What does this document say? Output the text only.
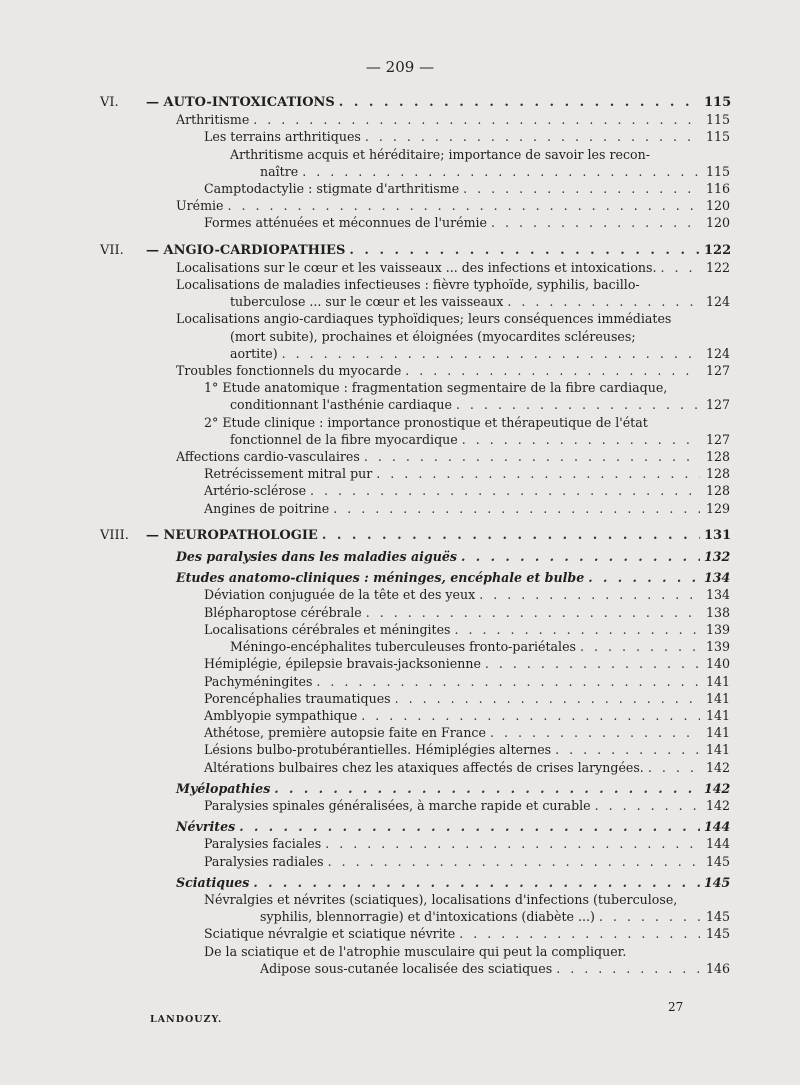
— 209 —
VI. — AUTO-INTOXICATIONS . . .	115
Arthritisme . . .	115
Les terrains arthritiques . . .	115
Arthritisme acquis et héréditaire; importance de savoir les recon-
naître . . .	115
Camptodactylie : stigmate d'arthritisme . . .	116
Urémie . . .	120
Formes atténuées et méconnues de l'urémie . . .	120
VII. — ANGIO-CARDIOPATHIES . . .	122
Localisations sur le cœur et les vaisseaux ... des infections et intoxications. . . .	122
Localisations de maladies infectieuses : fièvre typhoïde, syphilis, bacillo-
tuberculose ... sur le cœur et les vaisseaux . . .	124
Localisations angio-cardiaques typhoïdiques; leurs conséquences immédiates
(mort subite), prochaines et éloignées (myocardites scléreuses;
aortite) . . .	124
Troubles fonctionnels du myocarde . . .	127
1° Etude anatomique : fragmentation segmentaire de la fibre cardiaque,
conditionnant l'asthénie cardiaque . . .	127
2° Etude clinique : importance pronostique et thérapeutique de l'état
fonctionnel de la fibre myocardique . . .	127
Affections cardio-vasculaires . . .	128
Retrécissement mitral pur . . .	128
Artério-sclérose . . .	128
Angines de poitrine . . .	129
VIII. — NEUROPATHOLOGIE . . .	131
Des paralysies dans les maladies aiguës . . .	132
Etudes anatomo-cliniques : méninges, encéphale et bulbe . . .	134
Déviation conjuguée de la tête et des yeux . . .	134
Blépharoptose cérébrale . . .	138
Localisations cérébrales et méningites . . .	139
Méningo-encéphalites tuberculeuses fronto-pariétales . . .	139
Hémiplégie, épilepsie bravais-jacksonienne . . .	140
Pachyméningites . . .	141
Porencéphalies traumatiques . . .	141
Amblyopie sympathique . . .	141
Athétose, première autopsie faite en France . . .	141
Lésions bulbo-protubérantielles. Hémiplégies alternes . . .	141
Altérations bulbaires chez les ataxiques affectés de crises laryngées. . . .	142
Myélopathies . . .	142
Paralysies spinales généralisées, à marche rapide et curable . . .	142
Névrites . . .	144
Paralysies faciales . . .	144
Paralysies radiales . . .	145
Sciatiques . . .	145
Névralgies et névrites (sciatiques), localisations d'infections (tuberculose,
syphilis, blennorragie) et d'intoxications (diabète ...) . . .	145
Sciatique névralgie et sciatique névrite . . .	145
De la sciatique et de l'atrophie musculaire qui peut la compliquer.
Adipose sous-cutanée localisée des sciatiques . . .	146
LANDOUZY.
27
